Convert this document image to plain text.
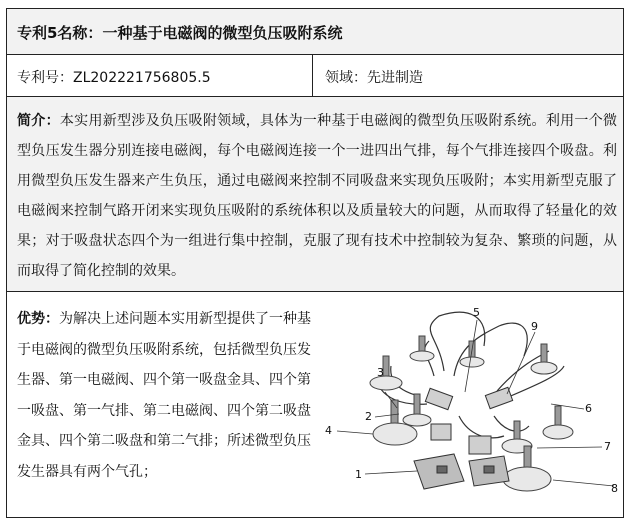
专利5名称：一种基于电磁阀的微型负压吸附系统
专利号：ZL202221756805.5	领域：先进制造

简介：本实用新型涉及负压吸附领域，具体为一种基于电磁阀的微型负压吸附系统。利用一个微型负压发生器分别连接电磁阀，每个电磁阀连接一个一进四出气排，每个气排连接四个吸盘。利用微型负压发生器来产生负压，通过电磁阀来控制不同吸盘来实现负压吸附；本实用新型克服了电磁阀来控制气路开闭来实现负压吸附的系统体积以及质量较大的问题，从而取得了轻量化的效果；对于吸盘状态四个为一组进行集中控制，克服了现有技术中控制较为复杂、繁琐的问题，从而取得了简化控制的效果。

优势：为解决上述问题本实用新型提供了一种基于电磁阀的微型负压吸附系统，包括微型负压发生器、第一电磁阀、四个第一吸盘金具、四个第一吸盘、第一气排、第二电磁阀、四个第二吸盘金具、四个第二吸盘和第二气排；所述微型负压发生器具有两个气孔；	1
2
3
4
5
6
7
8
9
